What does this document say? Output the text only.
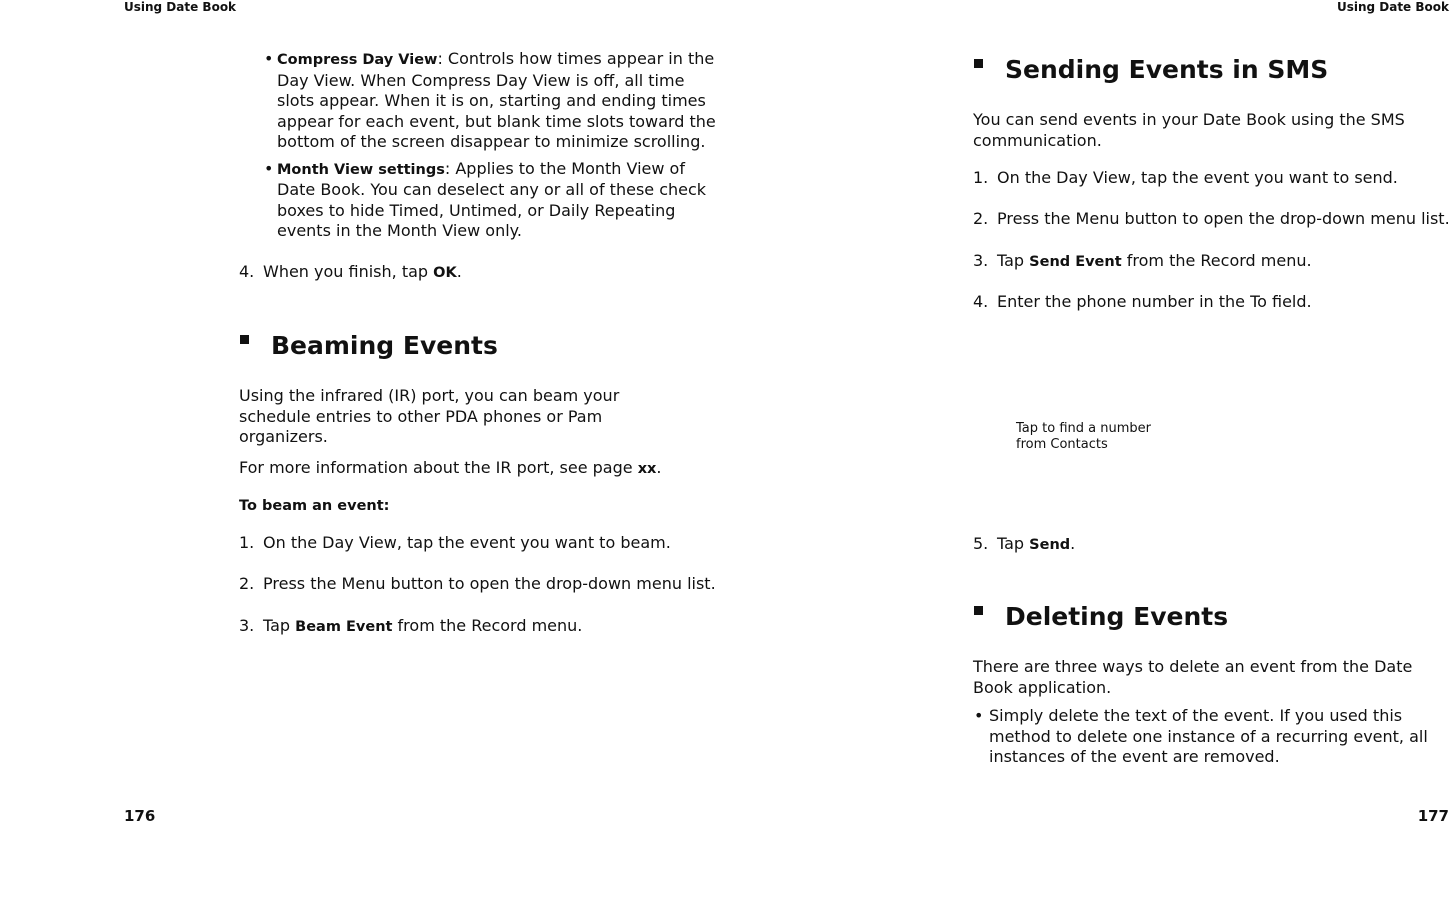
Using Date Book
• Compress Day View: Controls how times appear in the Day View. When Compress Day View is off, all time slots appear. When it is on, starting and ending times appear for each event, but blank time slots toward the bottom of the screen disappear to minimize scrolling.
• Month View settings: Applies to the Month View of Date Book. You can deselect any or all of these check boxes to hide Timed, Untimed, or Daily Repeating events in the Month View only.
4. When you finish, tap OK.
Beaming Events

Using the infrared (IR) port, you can beam your schedule entries to other PDA phones or Pam organizers.

For more information about the IR port, see page xx.

To beam an event:
1. On the Day View, tap the event you want to beam.
2. Press the Menu button to open the drop-down menu list.
3. Tap Beam Event from the Record menu.
176
Using Date Book
Sending Events in SMS

You can send events in your Date Book using the SMS communication.

1. On the Day View, tap the event you want to send.
2. Press the Menu button to open the drop-down menu list.
3. Tap Send Event from the Record menu.
4. Enter the phone number in the To field.
Tap to find a number
from Contacts
5. Tap Send.
Deleting Events

There are three ways to delete an event from the Date Book application.

• Simply delete the text of the event. If you used this method to delete one instance of a recurring event, all instances of the event are removed.
177
